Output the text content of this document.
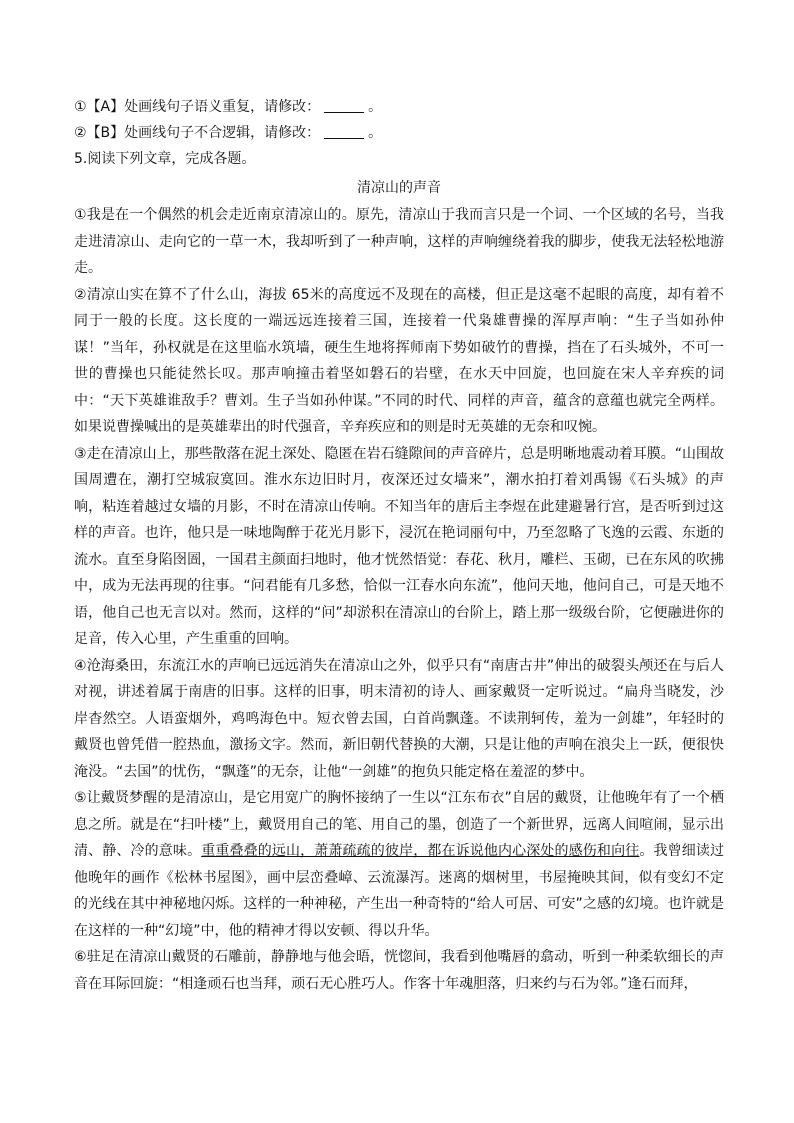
①【A】处画线句子语义重复，请修改：	。
②【B】处画线句子不合逻辑，请修改：	。
5.阅读下列文章，完成各题。
清凉山的声音

①我是在一个偶然的机会走近南京清凉山的。原先，清凉山于我而言只是一个词、一个区域的名号，当我走进清凉山、走向它的一草一木，我却听到了一种声响，这样的声响缠绕着我的脚步，使我无法轻松地游走。

②清凉山实在算不了什么山，海拔 65米的高度远不及现在的高楼，但正是这毫不起眼的高度，却有着不同于一般的长度。这长度的一端远远连接着三国，连接着一代枭雄曹操的浑厚声响：“生子当如孙仲谋！”当年，孙权就是在这里临水筑墙，硬生生地将挥师南下势如破竹的曹操，挡在了石头城外，不可一世的曹操也只能徒然长叹。那声响撞击着坚如磐石的岩壁，在水天中回旋，也回旋在宋人辛弃疾的词中：“天下英雄谁敌手？曹刘。生子当如孙仲谋。”不同的时代、同样的声音，蕴含的意蕴也就完全两样。如果说曹操喊出的是英雄辈出的时代强音，辛弃疾应和的则是时无英雄的无奈和叹惋。

③走在清凉山上，那些散落在泥土深处、隐匿在岩石缝隙间的声音碎片，总是明晰地震动着耳膜。“山围故国周遭在，潮打空城寂寞回。淮水东边旧时月，夜深还过女墙来”，潮水拍打着刘禹锡《石头城》的声响，粘连着越过女墙的月影，不时在清凉山传响。不知当年的唐后主李煜在此建避暑行宫，是否听到过这样的声音。也许，他只是一味地陶醉于花光月影下，浸沉在艳词丽句中，乃至忽略了飞逸的云霞、东逝的流水。直至身陷囹圄，一国君主颜面扫地时，他才恍然悟觉：春花、秋月，雕栏、玉砌，已在东风的吹拂中，成为无法再现的往事。“问君能有几多愁，恰似一江春水向东流”，他问天地，他问自己，可是天地不语，他自己也无言以对。然而，这样的“问”却淤积在清凉山的台阶上，踏上那一级级台阶，它便融进你的足音，传入心里，产生重重的回响。

④沧海桑田，东流江水的声响已远远消失在清凉山之外，似乎只有“南唐古井”伸出的破裂头颅还在与后人对视，讲述着属于南唐的旧事。这样的旧事，明末清初的诗人、画家戴贤一定听说过。“扁舟当晓发，沙岸杳然空。人语蛮烟外，鸡鸣海色中。短衣曾去国，白首尚飘蓬。不读荆轲传，羞为一剑雄”，年轻时的戴贤也曾凭借一腔热血，激扬文字。然而，新旧朝代替换的大潮，只是让他的声响在浪尖上一跃，便很快淹没。“去国”的忧伤，“飘蓬”的无奈，让他“一剑雄”的抱负只能定格在羞涩的梦中。

⑤让戴贤梦醒的是清凉山，是它用宽广的胸怀接纳了一生以“江东布衣”自居的戴贤，让他晚年有了一个栖息之所。就是在“扫叶楼”上，戴贤用自己的笔、用自己的墨，创造了一个新世界，远离人间喧闹，显示出清、静、冷的意味。重重叠叠的远山，萧萧疏疏的彼岸，都在诉说他内心深处的感伤和向往。我曾细读过他晚年的画作《松林书屋图》，画中层峦叠嶂、云流瀑泻。迷离的烟树里，书屋掩映其间，似有变幻不定的光线在其中神秘地闪烁。这样的一种神秘，产生出一种奇特的“给人可居、可安”之感的幻境。也许就是在这样的一种“幻境”中，他的精神才得以安顿、得以升华。

⑥驻足在清凉山戴贤的石雕前，静静地与他会晤，恍惚间，我看到他嘴唇的翕动，听到一种柔软细长的声音在耳际回旋：“相逢顽石也当拜，顽石无心胜巧人。作客十年魂胆落，归来约与石为邻。”逢石而拜，
